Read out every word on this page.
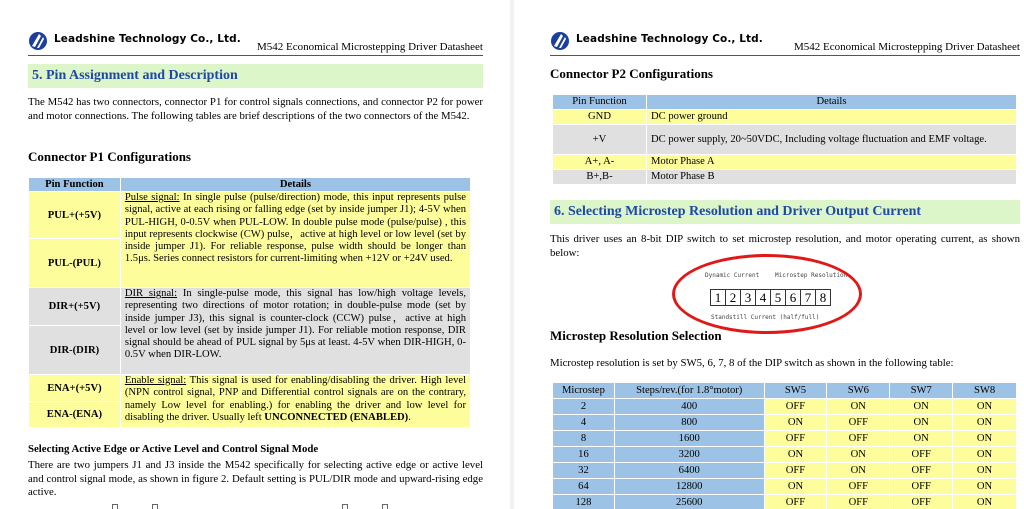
Leadshine Technology Co., Ltd.
M542 Economical Microstepping Driver Datasheet
5. Pin Assignment and Description

The M542 has two connectors, connector P1 for control signals connections, and connector P2 for power and motor connections. The following tables are brief descriptions of the two connectors of the M542.

Connector P1 Configurations
Pin Function	Details
PUL+(+5V)	Pulse signal: In single pulse (pulse/direction) mode, this input represents pulse signal, active at each rising or falling edge (set by inside jumper J1); 4-5V when PUL-HIGH, 0-0.5V when PUL-LOW. In double pulse mode (pulse/pulse) , this input represents clockwise (CW) pulse，active at high level or low level (set by inside jumper J1). For reliable response, pulse width should be longer than 1.5μs. Series connect resistors for current-limiting when +12V or +24V used.
PUL-(PUL)	
DIR+(+5V)	DIR signal: In single-pulse mode, this signal has low/high voltage levels, representing two directions of motor rotation; in double-pulse mode (set by inside jumper J3), this signal is counter-clock (CCW) pulse，active at high level or low level (set by inside jumper J1). For reliable motion response, DIR signal should be ahead of PUL signal by 5μs at least. 4-5V when DIR-HIGH, 0-0.5V when DIR-LOW.
DIR-(DIR)	
ENA+(+5V)	Enable signal: This signal is used for enabling/disabling the driver. High level (NPN control signal, PNP and Differential control signals are on the contrary, namely Low level for enabling.) for enabling the driver and low level for disabling the driver. Usually left UNCONNECTED (ENABLED).
ENA-(ENA)	
Selecting Active Edge or Active Level and Control Signal Mode

There are two jumpers J1 and J3 inside the M542 specifically for selecting active edge or active level and control signal mode, as shown in figure 2. Default setting is PUL/DIR mode and upward-rising edge active.

Leadshine Technology Co., Ltd.
M542 Economical Microstepping Driver Datasheet
Connector P2 Configurations
Pin Function	Details
GND	DC power ground
+V	DC power supply, 20~50VDC, Including voltage fluctuation and EMF voltage.
A+, A-	Motor Phase A
B+,B-	Motor Phase B
6. Selecting Microstep Resolution and Driver Output Current

This driver uses an 8-bit DIP switch to set microstep resolution, and motor operating current, as shown below:

Dynamic Current	Microstep Resolution
1 2 3 4 5 6 7 8
Standstill Current (half/full)
Microstep Resolution Selection

Microstep resolution is set by SW5, 6, 7, 8 of the DIP switch as shown in the following table:

Microstep	Steps/rev.(for 1.8°motor)	SW5	SW6	SW7	SW8
2	400	OFF	ON	ON	ON
4	800	ON	OFF	ON	ON
8	1600	OFF	OFF	ON	ON
16	3200	ON	ON	OFF	ON
32	6400	OFF	ON	OFF	ON
64	12800	ON	OFF	OFF	ON
128	25600	OFF	OFF	OFF	ON
